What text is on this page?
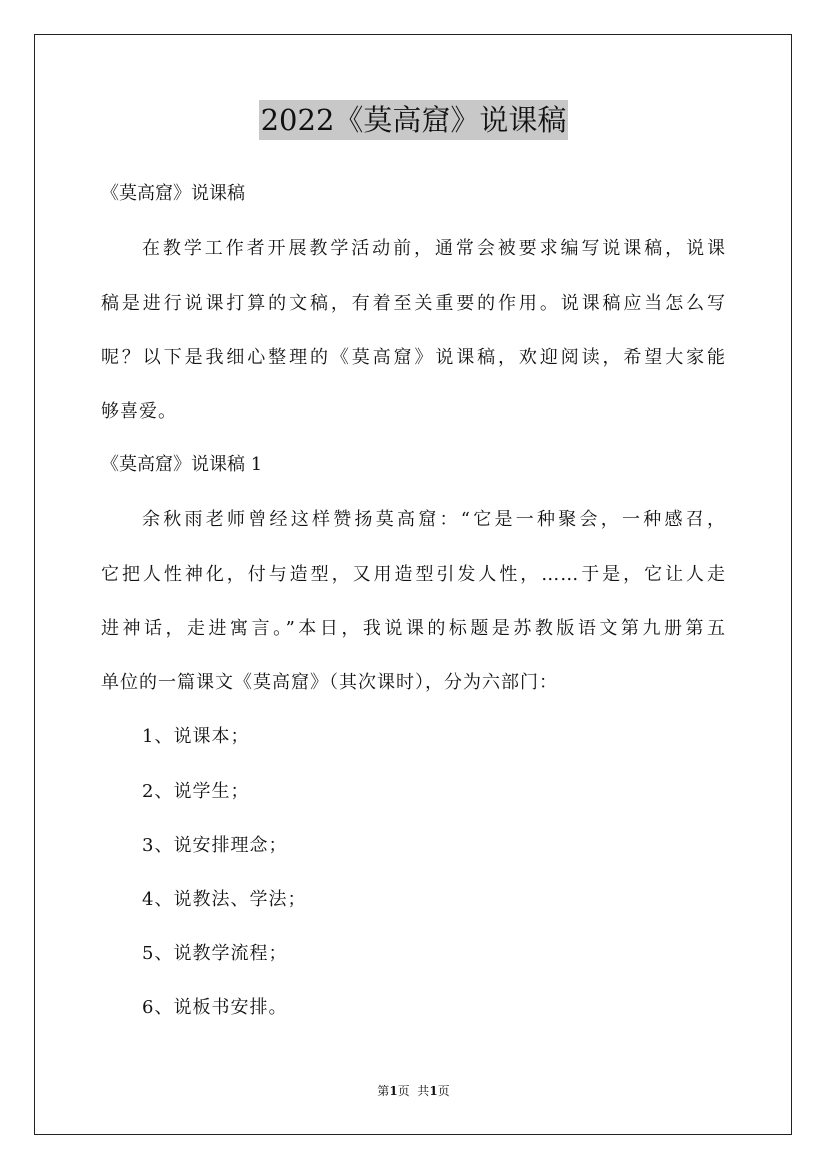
2022《莫高窟》说课稿
《莫高窟》说课稿
在教学工作者开展教学活动前，通常会被要求编写说课稿，说课
稿是进行说课打算的文稿，有着至关重要的作用。说课稿应当怎么写
呢？以下是我细心整理的《莫高窟》说课稿，欢迎阅读，希望大家能
够喜爱。
《莫高窟》说课稿 1
余秋雨老师曾经这样赞扬莫高窟：“它是一种聚会，一种感召，
它把人性神化，付与造型，又用造型引发人性，……于是，它让人走
进神话，走进寓言。”本日，我说课的标题是苏教版语文第九册第五
单位的一篇课文《莫高窟》（其次课时），分为六部门：
1、说课本；
2、说学生；
3、说安排理念；
4、说教法、学法；
5、说教学流程；
6、说板书安排。
第1页  共1页
